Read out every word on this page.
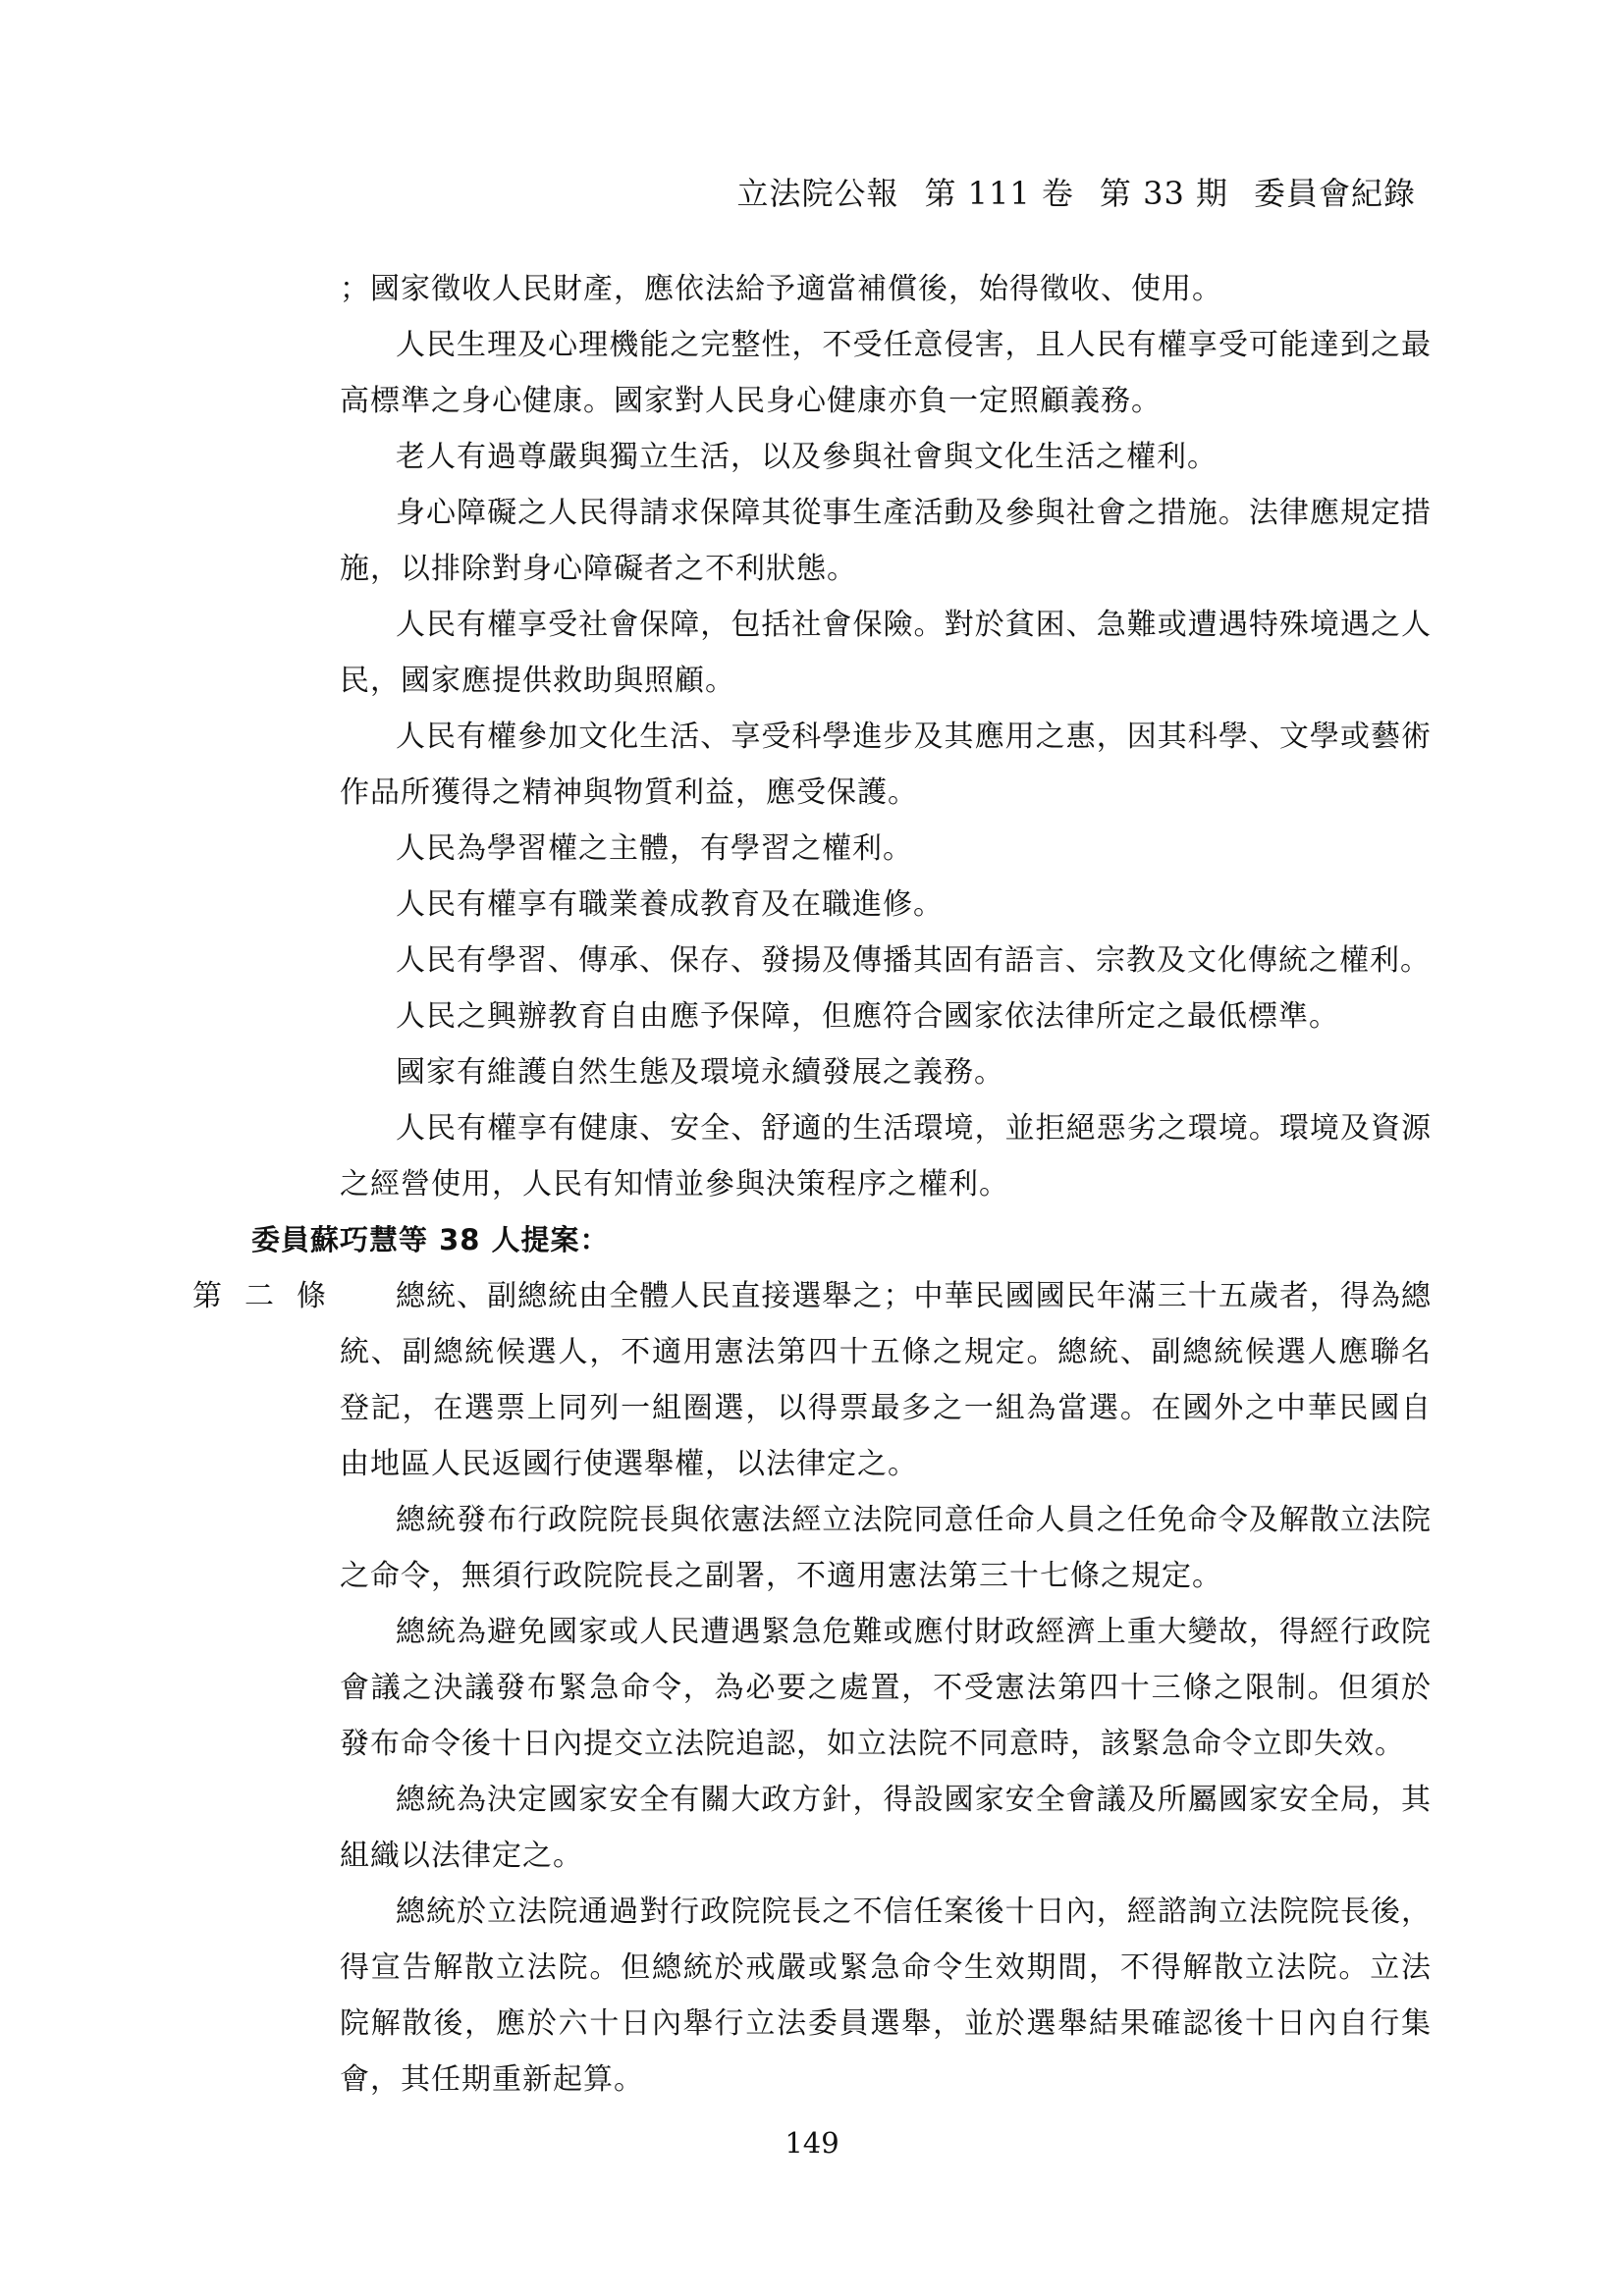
立法院公報 第 111 卷 第 33 期 委員會紀錄

；國家徵收人民財產，應依法給予適當補償後，始得徵收、使用。

人民生理及心理機能之完整性，不受任意侵害，且人民有權享受可能達到之最高標準之身心健康。國家對人民身心健康亦負一定照顧義務。

老人有過尊嚴與獨立生活，以及參與社會與文化生活之權利。

身心障礙之人民得請求保障其從事生產活動及參與社會之措施。法律應規定措施，以排除對身心障礙者之不利狀態。

人民有權享受社會保障，包括社會保險。對於貧困、急難或遭遇特殊境遇之人民，國家應提供救助與照顧。

人民有權參加文化生活、享受科學進步及其應用之惠，因其科學、文學或藝術作品所獲得之精神與物質利益，應受保護。

人民為學習權之主體，有學習之權利。

人民有權享有職業養成教育及在職進修。

人民有學習、傳承、保存、發揚及傳播其固有語言、宗教及文化傳統之權利。

人民之興辦教育自由應予保障，但應符合國家依法律所定之最低標準。

國家有維護自然生態及環境永續發展之義務。

人民有權享有健康、安全、舒適的生活環境，並拒絕惡劣之環境。環境及資源之經營使用，人民有知情並參與決策程序之權利。

委員蘇巧慧等 38 人提案：

第 二 條	總統、副總統由全體人民直接選舉之；中華民國國民年滿三十五歲者，得為總統、副總統候選人，不適用憲法第四十五條之規定。總統、副總統候選人應聯名登記，在選票上同列一組圈選，以得票最多之一組為當選。在國外之中華民國自由地區人民返國行使選舉權，以法律定之。

總統發布行政院院長與依憲法經立法院同意任命人員之任免命令及解散立法院之命令，無須行政院院長之副署，不適用憲法第三十七條之規定。

總統為避免國家或人民遭遇緊急危難或應付財政經濟上重大變故，得經行政院會議之決議發布緊急命令，為必要之處置，不受憲法第四十三條之限制。但須於發布命令後十日內提交立法院追認，如立法院不同意時，該緊急命令立即失效。

總統為決定國家安全有關大政方針，得設國家安全會議及所屬國家安全局，其組織以法律定之。

總統於立法院通過對行政院院長之不信任案後十日內，經諮詢立法院院長後，得宣告解散立法院。但總統於戒嚴或緊急命令生效期間，不得解散立法院。立法院解散後，應於六十日內舉行立法委員選舉，並於選舉結果確認後十日內自行集會，其任期重新起算。

149
